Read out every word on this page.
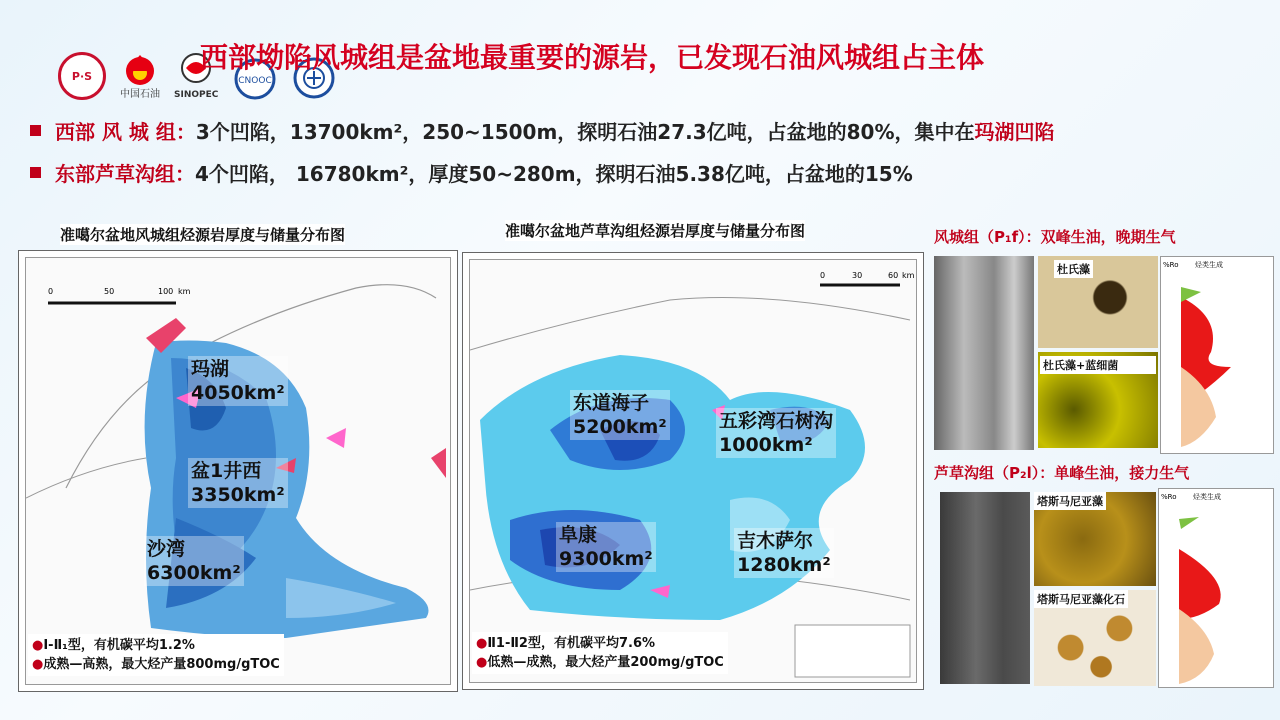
P·S
中国石油 SINOPEC
CNOOC
西部坳陷风城组是盆地最重要的源岩，已发现石油风城组占主体
西部 风 城 组：3个凹陷，13700km²，250~1500m，探明石油27.3亿吨，占盆地的80%，集中在玛湖凹陷
东部芦草沟组：4个凹陷， 16780km²，厚度50~280m，探明石油5.38亿吨，占盆地的15%
准噶尔盆地风城组烃源岩厚度与储量分布图
0	50	100 km
玛湖
4050km²
盆1井西
3350km²
沙湾
6300km²
●Ⅰ-Ⅱ₁型，有机碳平均1.2%
●成熟—高熟，最大烃产量800mg/gTOC
准噶尔盆地芦草沟组烃源岩厚度与储量分布图
0	30	60 km
东道海子
5200km²	五彩湾石树沟
1000km²
阜康
9300km²
吉木萨尔
1280km²
●Ⅱ1-Ⅱ2型，有机碳平均7.6%
●低熟—成熟，最大烃产量200mg/gTOC
风城组（P₁f）：双峰生油，晚期生气
杜氏藻
杜氏藻+蓝细菌
%Ro 烃类生成
芦草沟组（P₂l）：单峰生油，接力生气
塔斯马尼亚藻
塔斯马尼亚藻化石
%Ro 烃类生成
